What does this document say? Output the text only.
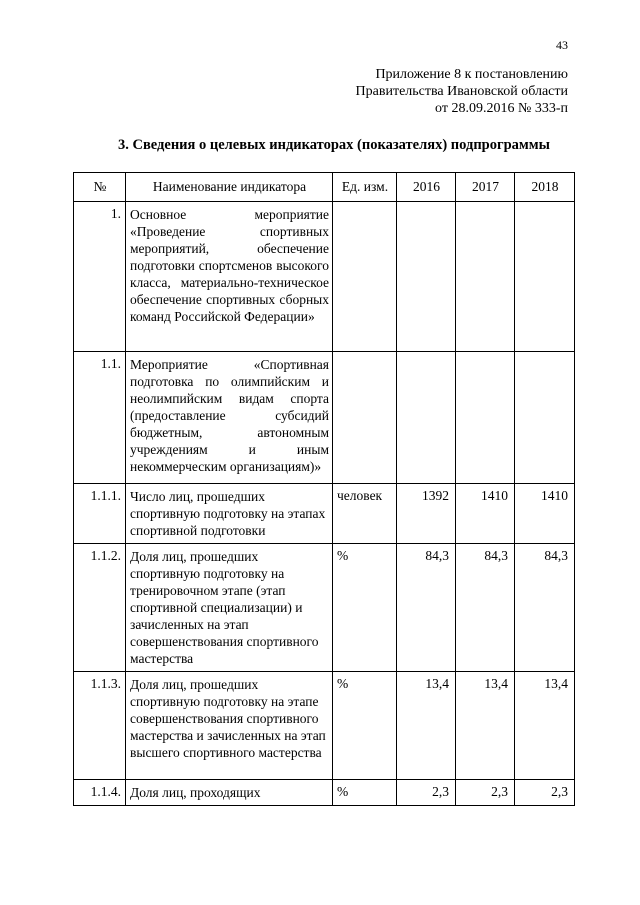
43
Приложение 8 к постановлению
Правительства Ивановской области
от 28.09.2016 № 333-п
3. Сведения о целевых индикаторах (показателях) подпрограммы
№	Наименование индикатора	Ед. изм.	2016	2017	2018
1.	Основное мероприятие «Проведение спортивных мероприятий, обеспечение подготовки спортсменов высокого класса, материально-техническое обеспечение спортивных сборных команд Российской Федерации»				
1.1.	Мероприятие «Спортивная подготовка по олимпийским и неолимпийским видам спорта (предоставление субсидий бюджетным, автономным учреждениям и иным некоммерческим организациям)»				
1.1.1.	Число лиц, прошедших спортивную подготовку на этапах спортивной подготовки	человек	1392	1410	1410
1.1.2.	Доля лиц, прошедших спортивную подготовку на тренировочном этапе (этап спортивной специализации) и зачисленных на этап совершенствования спортивного мастерства	%	84,3	84,3	84,3
1.1.3.	Доля лиц, прошедших спортивную подготовку на этапе совершенствования спортивного мастерства и зачисленных на этап высшего спортивного мастерства	%	13,4	13,4	13,4
1.1.4.	Доля лиц, проходящих	%	2,3	2,3	2,3
